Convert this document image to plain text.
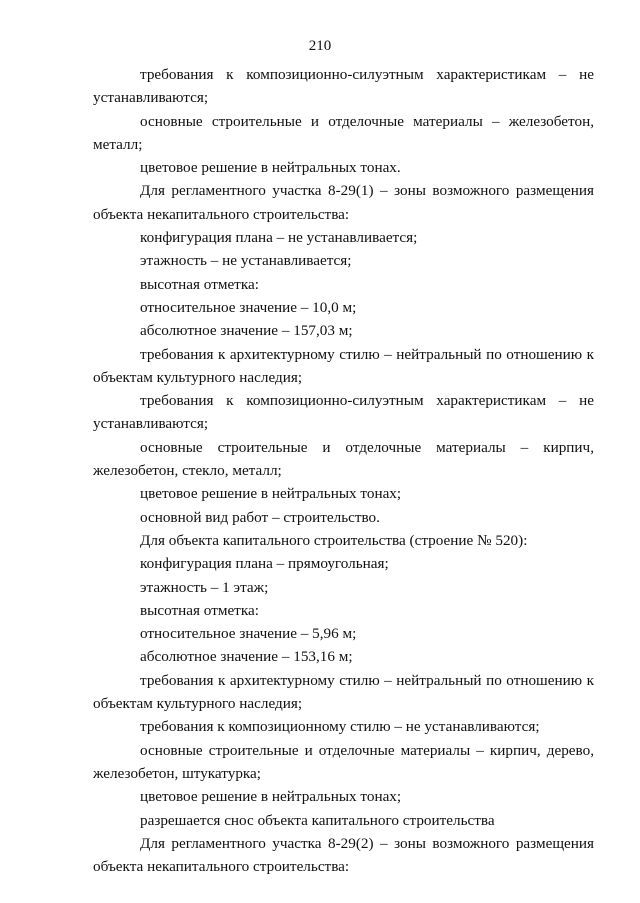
210

требования к композиционно-силуэтным характеристикам – не устанавливаются;

основные строительные и отделочные материалы – железобетон, металл;

цветовое решение в нейтральных тонах.

Для регламентного участка 8-29(1) – зоны возможного размещения объекта некапитального строительства:

конфигурация плана – не устанавливается;

этажность – не устанавливается;

высотная отметка:

относительное значение – 10,0 м;

абсолютное значение – 157,03 м;

требования к архитектурному стилю – нейтральный по отношению к объектам культурного наследия;

требования к композиционно-силуэтным характеристикам – не устанавливаются;

основные строительные и отделочные материалы – кирпич, железобетон, стекло, металл;

цветовое решение в нейтральных тонах;

основной вид работ – строительство.

Для объекта капитального строительства (строение № 520):

конфигурация плана – прямоугольная;

этажность – 1 этаж;

высотная отметка:

относительное значение – 5,96 м;

абсолютное значение – 153,16 м;

требования к архитектурному стилю – нейтральный по отношению к объектам культурного наследия;

требования к композиционному стилю – не устанавливаются;

основные строительные и отделочные материалы – кирпич, дерево, железобетон, штукатурка;

цветовое решение в нейтральных тонах;

разрешается снос объекта капитального строительства

Для регламентного участка 8-29(2) – зоны возможного размещения объекта некапитального строительства:
